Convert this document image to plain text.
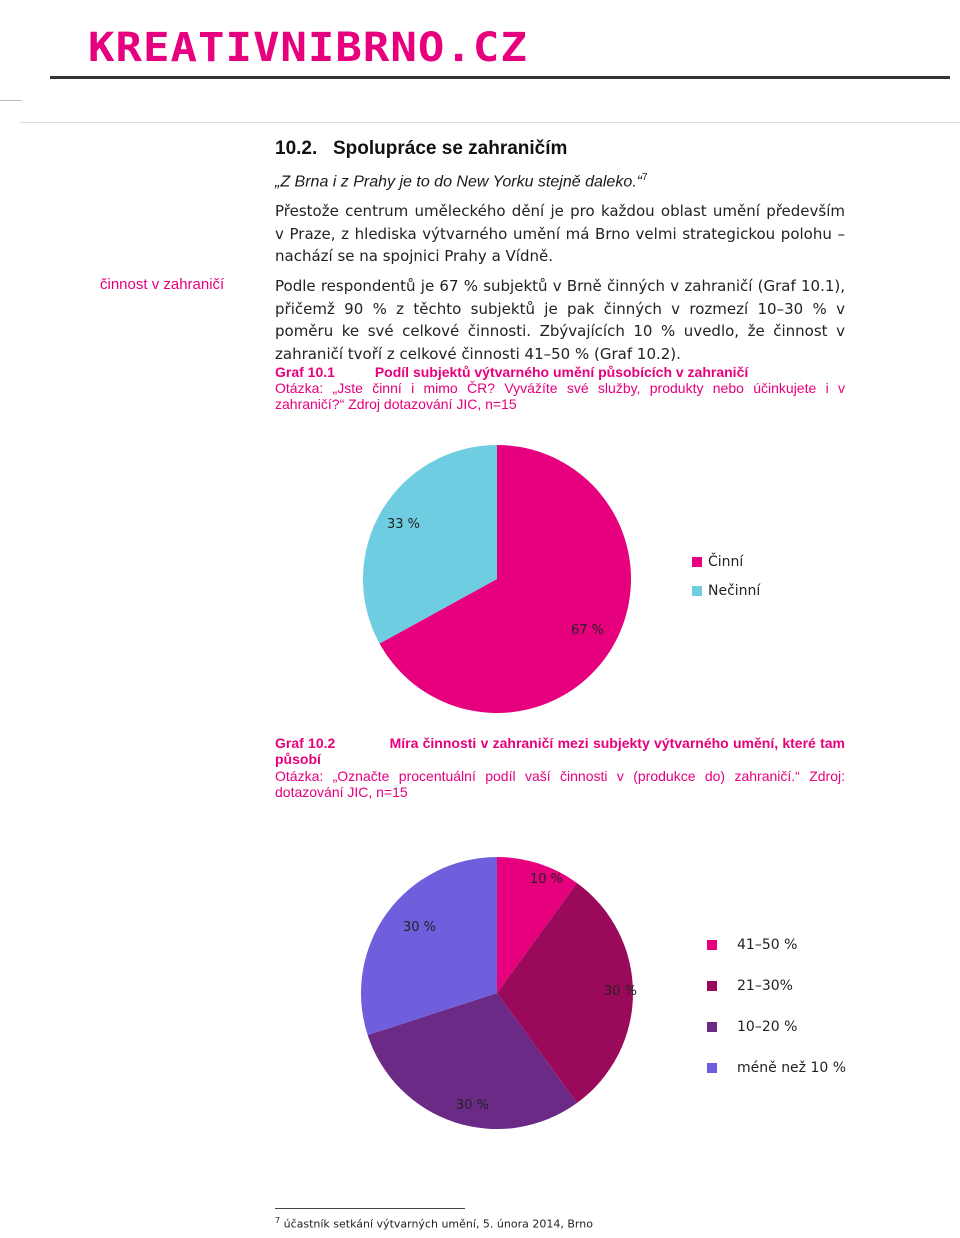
KREATIVNIBRNO.CZ
10.2. Spolupráce se zahraničím
„Z Brna i z Prahy je to do New Yorku stejně daleko.“$^7$
Přestože centrum uměleckého dění je pro každou oblast umění především v Praze, z hlediska výtvarného umění má Brno velmi strategickou polohu – nachází se na spojnici Prahy a Vídně.
činnost v zahraničí	Podle respondentů je 67 % subjektů v Brně činných v zahraničí (Graf 10.1), přičemž 90 % z těchto subjektů je pak činných v rozmezí 10–30 % v poměru ke své celkové činnosti. Zbývajících 10 % uvedlo, že činnost v zahraničí tvoří z celkové činnosti 41–50 % (Graf 10.2).
Graf 10.1	Podíl subjektů výtvarného umění působících v zahraničí
Otázka: „Jste činní i mimo ČR? Vyvážíte své služby, produkty nebo účinkujete i v zahraničí?“ Zdroj dotazování JIC, n=15
Činní
Nečinní
Graf 10.2	Míra činnosti v zahraničí mezi subjekty výtvarného umění, které tam působí
Otázka: „Označte procentuální podíl vaší činnosti v (produkce do) zahraničí.“ Zdroj: dotazování JIC, n=15
41–50 %
21–30%
10–20 %
méně než 10 %
$^7$ účastník setkání výtvarných umění, 5. února 2014, Brno
67 %
33 %
10 %
30 %
30 %
30 %
